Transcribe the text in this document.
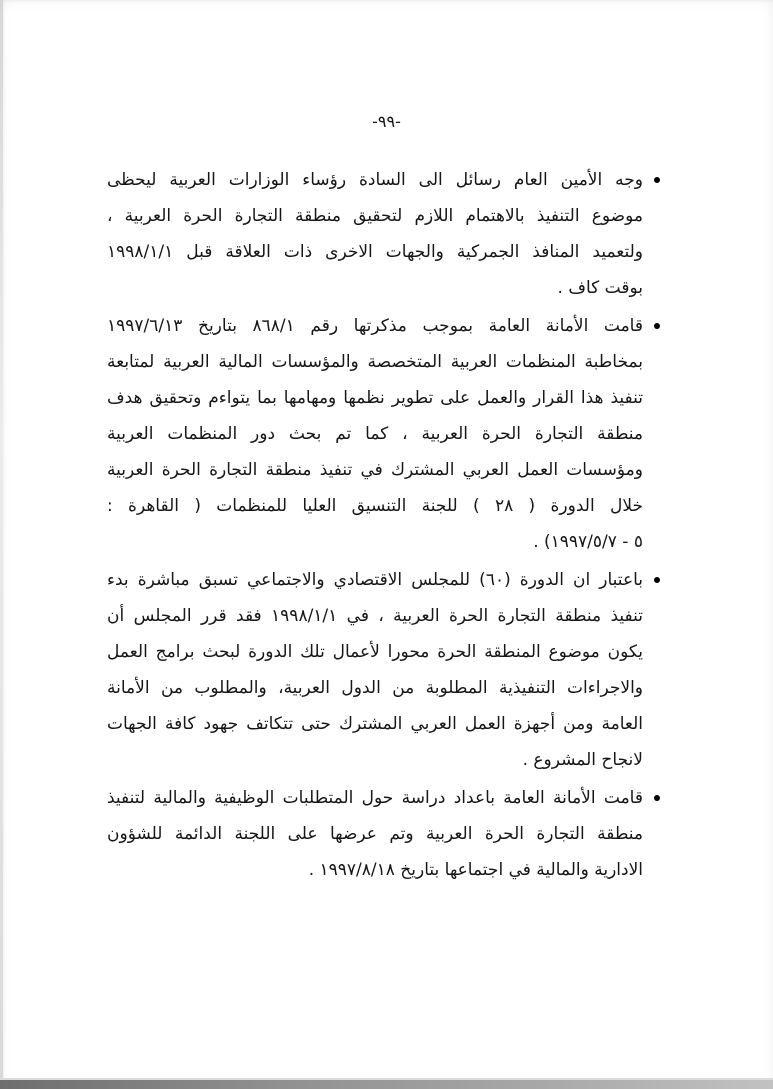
-٩٩-
وجه الأمين العام رسائل الى السادة رؤساء الوزارات العربية ليحظى
موضوع التنفيذ بالاهتمام اللازم لتحقيق منطقة التجارة الحرة العربية ،
ولتعميد المنافذ الجمركية والجهات الاخرى ذات العلاقة قبل ١٩٩٨/١/١
بوقت كاف .
قامت الأمانة العامة بموجب مذكرتها رقم ٨٦٨/١ بتاريخ ١٩٩٧/٦/١٣
بمخاطبة المنظمات العربية المتخصصة والمؤسسات المالية العربية لمتابعة
تنفيذ هذا القرار والعمل على تطوير نظمها ومهامها بما يتواءم وتحقيق هدف
منطقة التجارة الحرة العربية ، كما تم بحث دور المنظمات العربية
ومؤسسات العمل العربي المشترك في تنفيذ منطقة التجارة الحرة العربية
خلال الدورة ( ٢٨ ) للجنة التنسيق العليا للمنظمات ( القاهرة :
٥ - ١٩٩٧/٥/٧) .
باعتبار ان الدورة (٦٠) للمجلس الاقتصادي والاجتماعي تسبق مباشرة بدء
تنفيذ منطقة التجارة الحرة العربية ، في ١٩٩٨/١/١ فقد قرر المجلس أن
يكون موضوع المنطقة الحرة محورا لأعمال تلك الدورة لبحث برامج العمل
والاجراءات التنفيذية المطلوبة من الدول العربية، والمطلوب من الأمانة
العامة ومن أجهزة العمل العربي المشترك حتى تتكاتف جهود كافة الجهات
لانجاح المشروع .
قامت الأمانة العامة باعداد دراسة حول المتطلبات الوظيفية والمالية لتنفيذ
منطقة التجارة الحرة العربية وتم عرضها على اللجنة الدائمة للشؤون
الادارية والمالية في اجتماعها بتاريخ ١٩٩٧/٨/١٨ .
